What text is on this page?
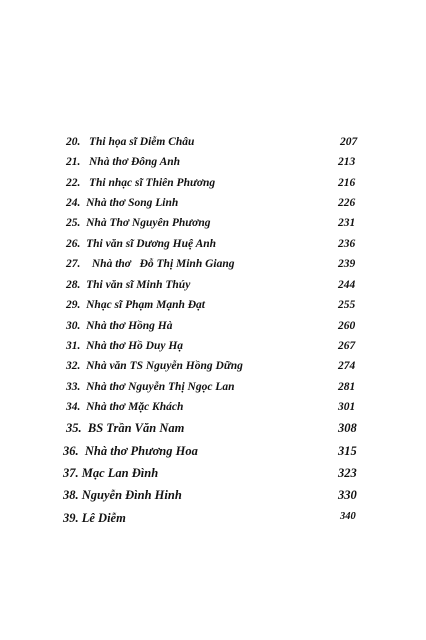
20.   Thi họa sĩ Diễm Châu	207
21.   Nhà thơ Đông Anh	213
22.   Thi nhạc sĩ Thiên Phương	216
24.  Nhà thơ Song Linh	226
25.  Nhà Thơ Nguyên Phương	231
26.  Thi văn sĩ Dương Huệ Anh	236
27.    Nhà thơ   Đỗ Thị Minh Giang	239
28.  Thi văn sĩ Minh Thúy	244
29.  Nhạc sĩ Phạm Mạnh Đạt	255
30.  Nhà thơ Hồng Hà	260
31.  Nhà thơ Hồ Duy Hạ	267
32.  Nhà văn TS Nguyễn Hồng Dững	274
33.  Nhà thơ Nguyễn Thị Ngọc Lan	281
34.  Nhà thơ Mặc Khách	301
35.  BS Trần Văn Nam	308
36.  Nhà thơ Phương Hoa	315
37. Mạc Lan Đình	323
38. Nguyễn Đình Hinh	330
39. Lê Diễm	340
